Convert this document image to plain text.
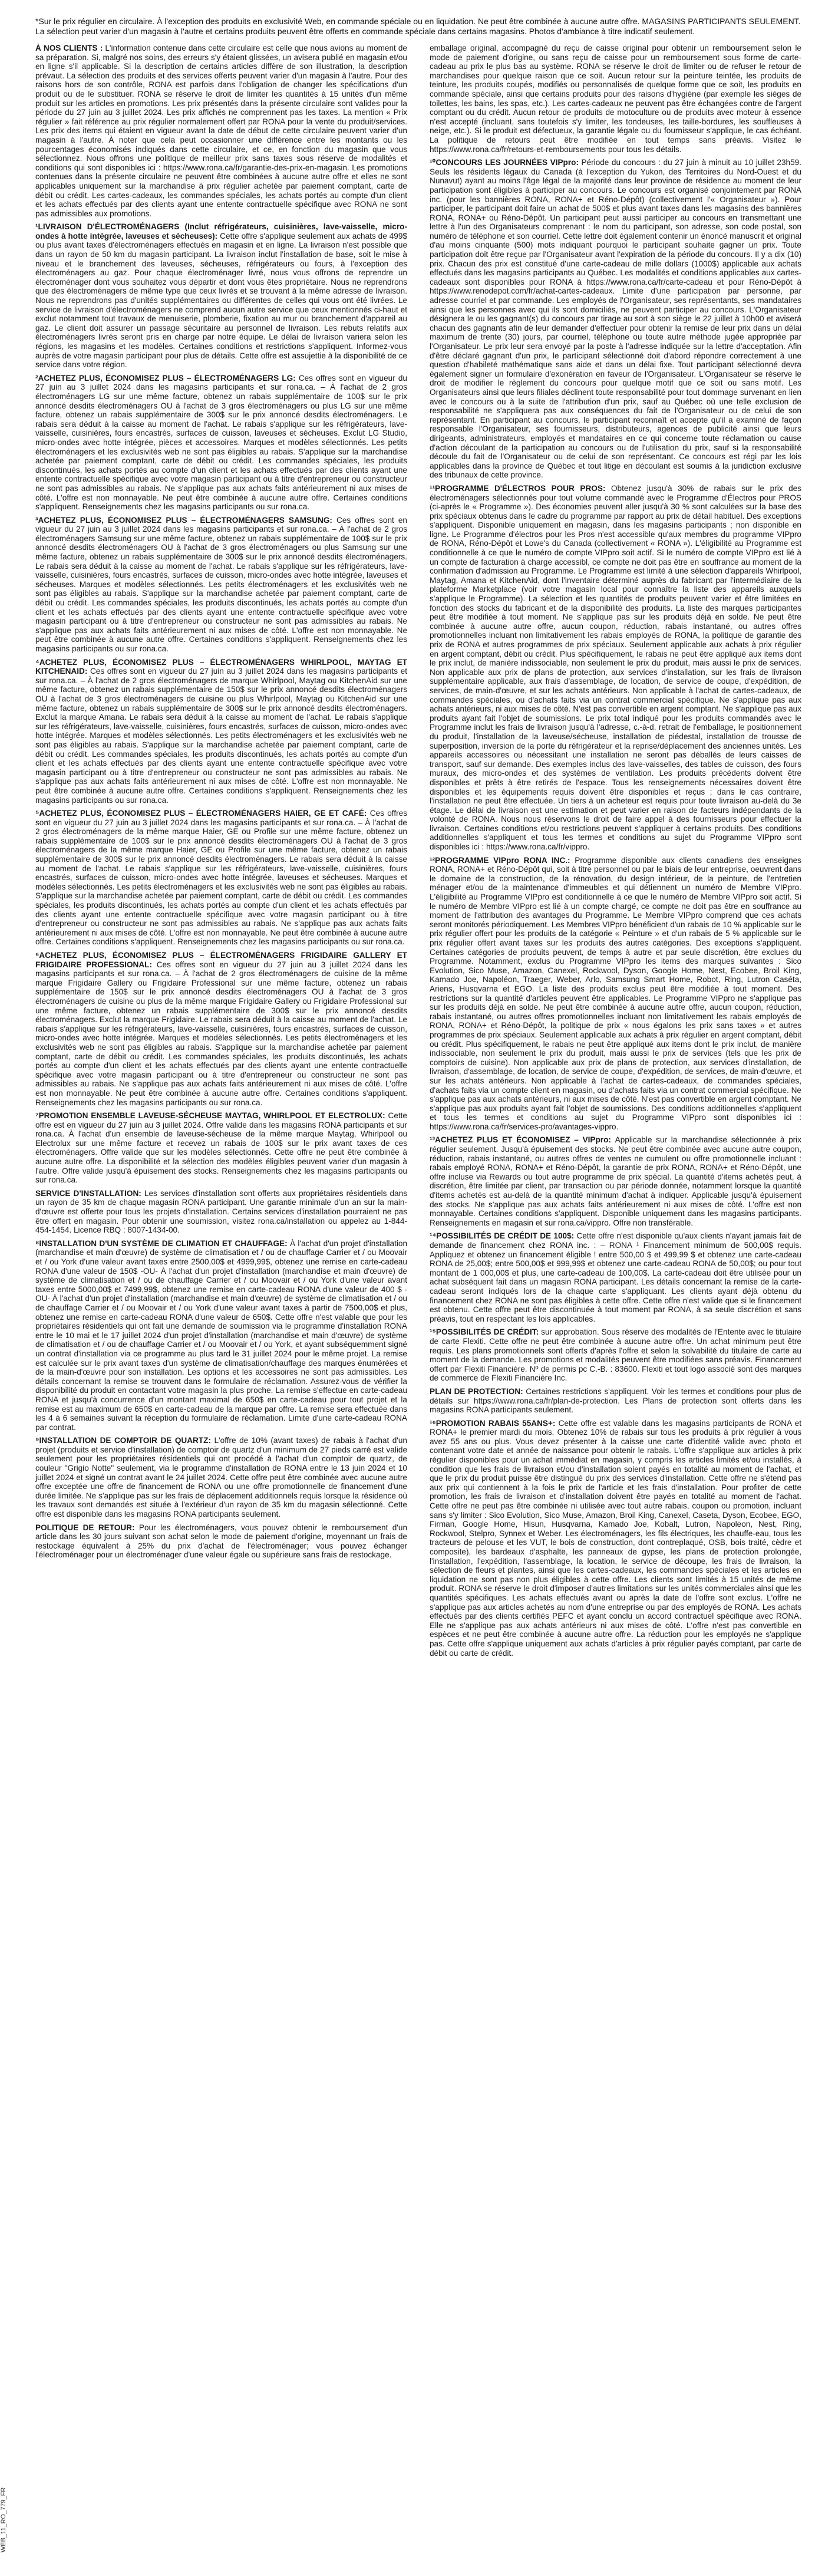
*Sur le prix régulier en circulaire. À l'exception des produits en exclusivité Web, en commande spéciale ou en liquidation. Ne peut être combinée à aucune autre offre. MAGASINS PARTICIPANTS SEULEMENT. La sélection peut varier d'un magasin à l'autre et certains produits peuvent être offerts en commande spéciale dans certains magasins. Photos d'ambiance à titre indicatif seulement.

À NOS CLIENTS : L'information contenue dans cette circulaire est celle que nous avions au moment de sa préparation. Si, malgré nos soins, des erreurs s'y étaient glissées, un avisera publié en magasin et/ou en ligne s'il applicable. Si la description de certains articles diffère de son illustration, la description prévaut. La sélection des produits et des services offerts peuvent varier d'un magasin à l'autre. Pour des raisons hors de son contrôle, RONA est parfois dans l'obligation de changer les spécifications d'un produit ou de le substituer. RONA se réserve le droit de limiter les quantités à 15 unités d'un même produit sur les articles en promotions. Les prix présentés dans la présente circulaire sont valides pour la période du 27 juin au 3 juillet 2024. Les prix affichés ne comprennent pas les taxes. La mention « Prix régulier » fait référence au prix régulier normalement offert par RONA pour la vente du produit/services. Les prix des items qui étaient en vigueur avant la date de début de cette circulaire peuvent varier d'un magasin à l'autre. À noter que cela peut occasionner une différence entre les montants ou les pourcentages économisés indiqués dans cette circulaire, et ce, en fonction du magasin que vous sélectionnez. Nous offrons une politique de meilleur prix sans taxes sous réserve de modalités et conditions qui sont disponibles ici : https://www.rona.ca/fr/garantie-des-prix-en-magasin. Les promotions contenues dans la présente circulaire ne peuvent être combinées à aucune autre offre et elles ne sont applicables uniquement sur la marchandise à prix régulier achetée par paiement comptant, carte de débit ou crédit. Les cartes-cadeaux, les commandes spéciales, les achats portés au compte d'un client et les achats effectués par des clients ayant une entente contractuelle spécifique avec RONA ne sont pas admissibles aux promotions.

¹LIVRAISON D'ÉLECTROMÉNAGERS (Inclut réfrigérateurs, cuisinières, lave-vaisselle, micro-ondes à hotte intégrée, laveuses et sécheuses): Cette offre s'applique seulement aux achats de 499$ ou plus avant taxes d'électroménagers effectués en magasin et en ligne. La livraison n'est possible que dans un rayon de 50 km du magasin participant. La livraison inclut l'installation de base, soit le mise à niveau et le branchement des laveuses, sécheuses, réfrigérateurs ou fours, à l'exception des électroménagers au gaz. Pour chaque électroménager livré, nous vous offrons de reprendre un électroménager dont vous souhaitez vous départir et dont vous êtes propriétaire. Nous ne reprendrons que des électroménagers de même type que ceux livrés et se trouvant à la même adresse de livraison. Nous ne reprendrons pas d'unités supplémentaires ou différentes de celles qui vous ont été livrées. Le service de livraison d'électroménagers ne comprend aucun autre service que ceux mentionnés ci-haut et exclut notamment tout travaux de menuiserie, plomberie, fixation au mur ou branchement d'appareil au gaz. Le client doit assurer un passage sécuritaire au personnel de livraison. Les rebuts relatifs aux électroménagers livrés seront pris en charge par notre équipe. Le délai de livraison variera selon les régions, les magasins et les modèles. Certaines conditions et restrictions s'appliquent. Informez-vous auprès de votre magasin participant pour plus de détails. Cette offre est assujettie à la disponibilité de ce service dans votre région.

²ACHETEZ PLUS, ÉCONOMISEZ PLUS – ÉLECTROMÉNAGERS LG: Ces offres sont en vigueur du 27 juin au 3 juillet 2024 dans les magasins participants et sur rona.ca. – À l'achat de 2 gros électroménagers LG sur une même facture, obtenez un rabais supplémentaire de 100$ sur le prix annoncé desdits électroménagers OU à l'achat de 3 gros électroménagers ou plus LG sur une même facture, obtenez un rabais supplémentaire de 300$ sur le prix annoncé desdits électroménagers. Le rabais sera déduit à la caisse au moment de l'achat. Le rabais s'applique sur les réfrigérateurs, lave-vaisselle, cuisinières, fours encastrés, surfaces de cuisson, laveuses et sécheuses. Exclut LG Studio, micro-ondes avec hotte intégrée, pièces et accessoires. Marques et modèles sélectionnés. Les petits électroménagers et les exclusivités web ne sont pas éligibles au rabais. S'applique sur la marchandise achetée par paiement comptant, carte de débit ou crédit. Les commandes spéciales, les produits discontinués, les achats portés au compte d'un client et les achats effectués par des clients ayant une entente contractuelle spécifique avec votre magasin participant ou à titre d'entrepreneur ou constructeur ne sont pas admissibles au rabais. Ne s'applique pas aux achats faits antérieurement ni aux mises de côté. L'offre est non monnayable. Ne peut être combinée à aucune autre offre. Certaines conditions s'appliquent. Renseignements chez les magasins participants ou sur rona.ca.

³ACHETEZ PLUS, ÉCONOMISEZ PLUS – ÉLECTROMÉNAGERS SAMSUNG: Ces offres sont en vigueur du 27 juin au 3 juillet 2024 dans les magasins participants et sur rona.ca. – À l'achat de 2 gros électroménagers Samsung sur une même facture, obtenez un rabais supplémentaire de 100$ sur le prix annoncé desdits électroménagers OU à l'achat de 3 gros électroménagers ou plus Samsung sur une même facture, obtenez un rabais supplémentaire de 300$ sur le prix annoncé desdits électroménagers. Le rabais sera déduit à la caisse au moment de l'achat. Le rabais s'applique sur les réfrigérateurs, lave-vaisselle, cuisinières, fours encastrés, surfaces de cuisson, micro-ondes avec hotte intégrée, laveuses et sécheuses. Marques et modèles sélectionnés. Les petits électroménagers et les exclusivités web ne sont pas éligibles au rabais. S'applique sur la marchandise achetée par paiement comptant, carte de débit ou crédit. Les commandes spéciales, les produits discontinués, les achats portés au compte d'un client et les achats effectués par des clients ayant une entente contractuelle spécifique avec votre magasin participant ou à titre d'entrepreneur ou constructeur ne sont pas admissibles au rabais. Ne s'applique pas aux achats faits antérieurement ni aux mises de côté. L'offre est non monnayable. Ne peut être combinée à aucune autre offre. Certaines conditions s'appliquent. Renseignements chez les magasins participants ou sur rona.ca.

⁴ACHETEZ PLUS, ÉCONOMISEZ PLUS – ÉLECTROMÉNAGERS WHIRLPOOL, MAYTAG ET KITCHENAID: Ces offres sont en vigueur du 27 juin au 3 juillet 2024 dans les magasins participants et sur rona.ca. – À l'achat de 2 gros électroménagers de marque Whirlpool, Maytag ou KitchenAid sur une même facture, obtenez un rabais supplémentaire de 150$ sur le prix annoncé desdits électroménagers OU à l'achat de 3 gros électroménagers de cuisine ou plus Whirlpool, Maytag ou KitchenAid sur une même facture, obtenez un rabais supplémentaire de 300$ sur le prix annoncé desdits électroménagers. Exclut la marque Amana. Le rabais sera déduit à la caisse au moment de l'achat. Le rabais s'applique sur les réfrigérateurs, lave-vaisselle, cuisinières, fours encastrés, surfaces de cuisson, micro-ondes avec hotte intégrée. Marques et modèles sélectionnés. Les petits électroménagers et les exclusivités web ne sont pas éligibles au rabais. S'applique sur la marchandise achetée par paiement comptant, carte de débit ou crédit. Les commandes spéciales, les produits discontinués, les achats portés au compte d'un client et les achats effectués par des clients ayant une entente contractuelle spécifique avec votre magasin participant ou à titre d'entrepreneur ou constructeur ne sont pas admissibles au rabais. Ne s'applique pas aux achats faits antérieurement ni aux mises de côté. L'offre est non monnayable. Ne peut être combinée à aucune autre offre. Certaines conditions s'appliquent. Renseignements chez les magasins participants ou sur rona.ca.

⁵ACHETEZ PLUS, ÉCONOMISEZ PLUS – ÉLECTROMÉNAGERS HAIER, GE ET CAFÉ: Ces offres sont en vigueur du 27 juin au 3 juillet 2024 dans les magasins participants et sur rona.ca. – À l'achat de 2 gros électroménagers de la même marque Haier, GE ou Profile sur une même facture, obtenez un rabais supplémentaire de 100$ sur le prix annoncé desdits électroménagers OU à l'achat de 3 gros électroménagers de la même marque Haier, GE ou Profile sur une même facture, obtenez un rabais supplémentaire de 300$ sur le prix annoncé desdits électroménagers. Le rabais sera déduit à la caisse au moment de l'achat. Le rabais s'applique sur les réfrigérateurs, lave-vaisselle, cuisinières, fours encastrés, surfaces de cuisson, micro-ondes avec hotte intégrée, laveuses et sécheuses. Marques et modèles sélectionnés. Les petits électroménagers et les exclusivités web ne sont pas éligibles au rabais. S'applique sur la marchandise achetée par paiement comptant, carte de débit ou crédit. Les commandes spéciales, les produits discontinués, les achats portés au compte d'un client et les achats effectués par des clients ayant une entente contractuelle spécifique avec votre magasin participant ou à titre d'entrepreneur ou constructeur ne sont pas admissibles au rabais. Ne s'applique pas aux achats faits antérieurement ni aux mises de côté. L'offre est non monnayable. Ne peut être combinée à aucune autre offre. Certaines conditions s'appliquent. Renseignements chez les magasins participants ou sur rona.ca.

⁶ACHETEZ PLUS, ÉCONOMISEZ PLUS – ÉLECTROMÉNAGERS FRIGIDAIRE GALLERY ET FRIGIDAIRE PROFESSIONAL: Ces offres sont en vigueur du 27 juin au 3 juillet 2024 dans les magasins participants et sur rona.ca. – À l'achat de 2 gros électroménagers de cuisine de la même marque Frigidaire Gallery ou Frigidaire Professional sur une même facture, obtenez un rabais supplémentaire de 150$ sur le prix annoncé desdits électroménagers OU à l'achat de 3 gros électroménagers de cuisine ou plus de la même marque Frigidaire Gallery ou Frigidaire Professional sur une même facture, obtenez un rabais supplémentaire de 300$ sur le prix annoncé desdits électroménagers. Exclut la marque Frigidaire. Le rabais sera déduit à la caisse au moment de l'achat. Le rabais s'applique sur les réfrigérateurs, lave-vaisselle, cuisinières, fours encastrés, surfaces de cuisson, micro-ondes avec hotte intégrée. Marques et modèles sélectionnés. Les petits électroménagers et les exclusivités web ne sont pas éligibles au rabais. S'applique sur la marchandise achetée par paiement comptant, carte de débit ou crédit. Les commandes spéciales, les produits discontinués, les achats portés au compte d'un client et les achats effectués par des clients ayant une entente contractuelle spécifique avec votre magasin participant ou à titre d'entrepreneur ou constructeur ne sont pas admissibles au rabais. Ne s'applique pas aux achats faits antérieurement ni aux mises de côté. L'offre est non monnayable. Ne peut être combinée à aucune autre offre. Certaines conditions s'appliquent. Renseignements chez les magasins participants ou sur rona.ca.

⁷PROMOTION ENSEMBLE LAVEUSE-SÉCHEUSE MAYTAG, WHIRLPOOL ET ELECTROLUX: Cette offre est en vigueur du 27 juin au 3 juillet 2024. Offre valide dans les magasins RONA participants et sur rona.ca. À l'achat d'un ensemble de laveuse-sécheuse de la même marque Maytag, Whirlpool ou Electrolux sur une même facture et recevez un rabais de 100$ sur le prix avant taxes de ces électroménagers. Offre valide que sur les modèles sélectionnés. Cette offre ne peut être combinée à aucune autre offre. La disponibilité et la sélection des modèles éligibles peuvent varier d'un magasin à l'autre. Offre valide jusqu'à épuisement des stocks. Renseignements chez les magasins participants ou sur rona.ca.

SERVICE D'INSTALLATION: Les services d'installation sont offerts aux propriétaires résidentiels dans un rayon de 35 km de chaque magasin RONA participant. Une garantie minimale d'un an sur la main-d'œuvre est offerte pour tous les projets d'installation. Certains services d'installation pourraient ne pas être offert en magasin. Pour obtenir une soumission, visitez rona.ca/installation ou appelez au 1-844-454-1454. Licence RBQ : 8007-1434-00.

⁸INSTALLATION D'UN SYSTÈME DE CLIMATION ET CHAUFFAGE: À l'achat d'un projet d'installation (marchandise et main d'œuvre) de système de climatisation et / ou de chauffage Carrier et / ou Moovair et / ou York d'une valeur avant taxes entre 2500,00$ et 4999,99$, obtenez une remise en carte-cadeau RONA d'une valeur de 150$ -OU- À l'achat d'un projet d'installation (marchandise et main d'œuvre) de système de climatisation et / ou de chauffage Carrier et / ou Moovair et / ou York d'une valeur avant taxes entre 5000,00$ et 7499,99$, obtenez une remise en carte-cadeau RONA d'une valeur de 400 $ -OU- À l'achat d'un projet d'installation (marchandise et main d'œuvre) de système de climatisation et / ou de chauffage Carrier et / ou Moovair et / ou York d'une valeur avant taxes à partir de 7500,00$ et plus, obtenez une remise en carte-cadeau RONA d'une valeur de 650$. Cette offre n'est valable que pour les propriétaires résidentiels qui ont fait une demande de soumission via le programme d'installation RONA entre le 10 mai et le 17 juillet 2024 d'un projet d'installation (marchandise et main d'œuvre) de système de climatisation et / ou de chauffage Carrier et / ou Moovair et / ou York, et ayant subséquemment signé un contrat d'installation via ce programme au plus tard le 31 juillet 2024 pour le même projet. La remise est calculée sur le prix avant taxes d'un système de climatisation/chauffage des marques énumérées et de la main-d'œuvre pour son installation. Les options et les accessoires ne sont pas admissibles. Les détails concernant la remise se trouvent dans le formulaire de réclamation. Assurez-vous de vérifier la disponibilité du produit en contactant votre magasin la plus proche. La remise s'effectue en carte-cadeau RONA et jusqu'à concurrence d'un montant maximal de 650$ en carte-cadeau pour tout projet et la remise est au maximum de 650$ en carte-cadeau de la marque par offre. La remise sera effectuée dans les 4 à 6 semaines suivant la réception du formulaire de réclamation. Limite d'une carte-cadeau RONA par contrat.

⁹INSTALLATION DE COMPTOIR DE QUARTZ: L'offre de 10% (avant taxes) de rabais à l'achat d'un projet (produits et service d'installation) de comptoir de quartz d'un minimum de 27 pieds carré est valide seulement pour les propriétaires résidentiels qui ont procédé à l'achat d'un comptoir de quartz, de couleur "Grigio Notte" seulement, via le programme d'installation de RONA entre le 13 juin 2024 et 10 juillet 2024 et signé un contrat avant le 24 juillet 2024. Cette offre peut être combinée avec aucune autre offre exceptée une offre de financement de RONA ou une offre promotionnelle de financement d'une durée limitée. Ne s'applique pas sur les frais de déplacement additionnels requis lorsque la résidence où les travaux sont demandés est située à l'extérieur d'un rayon de 35 km du magasin sélectionné. Cette offre est disponible dans les magasins RONA participants seulement.

POLITIQUE DE RETOUR: Pour les électroménagers, vous pouvez obtenir le remboursement d'un article dans les 30 jours suivant son achat selon le mode de paiement d'origine, moyennant un frais de restockage équivalent à 25% du prix d'achat de l'électroménager; vous pouvez échanger l'électroménager pour un électroménager d'une valeur égale ou supérieure sans frais de restockage.

emballage original, accompagné du reçu de caisse original pour obtenir un remboursement selon le mode de paiement d'origine, ou sans reçu de caisse pour un remboursement sous forme de carte-cadeau au prix le plus bas au système. RONA se réserve le droit de limiter ou de refuser le retour de marchandises pour quelque raison que ce soit. Aucun retour sur la peinture teintée, les produits de teinture, les produits coupés, modifiés ou personnalisés de quelque forme que ce soit, les produits en commande spéciale, ainsi que certains produits pour des raisons d'hygiène (par exemple les sièges de toilettes, les bains, les spas, etc.). Les cartes-cadeaux ne peuvent pas être échangées contre de l'argent comptant ou du crédit. Aucun retour de produits de motoculture ou de produits avec moteur à essence n'est accepté (incluant, sans toutefois s'y limiter, les tondeuses, les taille-bordures, les souffleuses à neige, etc.). Si le produit est défectueux, la garantie légale ou du fournisseur s'applique, le cas échéant. La politique de retours peut être modifiée en tout temps sans préavis. Visitez le https://www.rona.ca/fr/retours-et-remboursements pour tous les détails.

¹⁰CONCOURS LES JOURNÉES VIPpro: Période du concours : du 27 juin à minuit au 10 juillet 23h59. Seuls les résidents légaux du Canada (à l'exception du Yukon, des Territoires du Nord-Ouest et du Nunavut) ayant au moins l'âge légal de la majorité dans leur province de résidence au moment de leur participation sont éligibles à participer au concours. Le concours est organisé conjointement par RONA inc. (pour les bannières RONA, RONA+ et Réno-Dépôt) (collectivement l'« Organisateur »). Pour participer, le participant doit faire un achat de 500$ et plus avant taxes dans les magasins des bannières RONA, RONA+ ou Réno-Dépôt. Un participant peut aussi participer au concours en transmettant une lettre à l'un des Organisateurs comprenant : le nom du participant, son adresse, son code postal, son numéro de téléphone et son courriel. Cette lettre doit également contenir un énoncé manuscrit et original d'au moins cinquante (500) mots indiquant pourquoi le participant souhaite gagner un prix. Toute participation doit être reçue par l'Organisateur avant l'expiration de la période du concours. Il y a dix (10) prix. Chacun des prix est constitué d'une carte-cadeau de mille dollars (1000$) applicable aux achats effectués dans les magasins participants au Québec. Les modalités et conditions applicables aux cartes-cadeaux sont disponibles pour RONA à https://www.rona.ca/fr/carte-cadeau et pour Réno-Dépôt à https://www.renodepot.com/fr/achat-cartes-cadeaux. Limite d'une participation par personne, par adresse courriel et par commande. Les employés de l'Organisateur, ses représentants, ses mandataires ainsi que les personnes avec qui ils sont domiciliés, ne peuvent participer au concours. L'Organisateur désignera le ou les gagnant(s) du concours par tirage au sort à son siège le 22 juillet à 10h00 et aviserá chacun des gagnants afin de leur demander d'effectuer pour obtenir la remise de leur prix dans un délai maximum de trente (30) jours, par courriel, téléphone ou toute autre méthode jugée appropriée par l'Organisateur. Le prix leur sera envoyé par la poste à l'adresse indiquée sur la lettre d'acceptation. Afin d'être déclaré gagnant d'un prix, le participant sélectionné doit d'abord répondre correctement à une question d'habileté mathématique sans aide et dans un délai fixe. Tout participant sélectionné devra également signer un formulaire d'exonération en faveur de l'Organisateur. L'Organisateur se réserve le droit de modifier le règlement du concours pour quelque motif que ce soit ou sans motif. Les Organisateurs ainsi que leurs filiales déclinent toute responsabilité pour tout dommage survenant en lien avec le concours ou à la suite de l'attribution d'un prix, sauf au Québec où une telle exclusion de responsabilité ne s'appliquera pas aux conséquences du fait de l'Organisateur ou de celui de son représentant. En participant au concours, le participant reconnaît et accepte qu'il a examiné de façon responsable l'Organisateur, ses fournisseurs, distributeurs, agences de publicité ainsi que leurs dirigeants, administrateurs, employés et mandataires en ce qui concerne toute réclamation ou cause d'action découlant de la participation au concours ou de l'utilisation du prix, sauf si la responsabilité découle du fait de l'Organisateur ou de celui de son représentant. Ce concours est régi par les lois applicables dans la province de Québec et tout litige en découlant est soumis à la juridiction exclusive des tribunaux de cette province.

¹¹PROGRAMME D'ÉLECTROS POUR PROS: Obtenez jusqu'à 30% de rabais sur le prix des électroménagers sélectionnés pour tout volume commandé avec le Programme d'Électros pour PROS (ci-après le « Programme »). Des économies peuvent aller jusqu'à 30 % sont calculées sur la base des prix spéciaux obtenus dans le cadre du programme par rapport au prix de détail habituel. Des exceptions s'appliquent. Disponible uniquement en magasin, dans les magasins participants ; non disponible en ligne. Le Programme d'électros pour les Pros n'est accessible qu'aux membres du programme VIPpro de RONA, Réno-Dépôt et Lowe's du Canada (collectivement « RONA »). L'éligibilité au Programme est conditionnelle à ce que le numéro de compte VIPpro soit actif. Si le numéro de compte VIPpro est lié à un compte de facturation à charge accessibl, ce compte ne doit pas être en souffrance au moment de la confirmation d'admission au Programme. Le Programme est limité à une sélection d'appareils Whirlpool, Maytag, Amana et KitchenAid, dont l'inventaire déterminé auprès du fabricant par l'intermédiaire de la plateforme Marketplace (voir votre magasin local pour connaître la liste des appareils auxquels s'applique le Programme). La sélection et les quantités de produits peuvent varier et être limitées en fonction des stocks du fabricant et de la disponibilité des produits. La liste des marques participantes peut être modifiée à tout moment. Ne s'applique pas sur les produits déjà en solde. Ne peut être combinée à aucune autre offre, aucun coupon, réduction, rabais instantané, ou autres offres promotionnelles incluant non limitativement les rabais employés de RONA, la politique de garantie des prix de RONA et autres programmes de prix spéciaux. Seulement applicable aux achats à prix régulier en argent comptant, débit ou crédit. Plus spécifiquement, le rabais ne peut être appliqué aux items dont le prix inclut, de manière indissociable, non seulement le prix du produit, mais aussi le prix de services. Non applicable aux prix de plans de protection, aux services d'installation, sur les frais de livraison supplémentaire applicable, aux frais d'assemblage, de location, de service de coupe, d'expédition, de services, de main-d'œuvre, et sur les achats antérieurs. Non applicable à l'achat de cartes-cadeaux, de commandes spéciales, ou d'achats faits via un contrat commercial spécifique. Ne s'applique pas aux achats antérieurs, ni aux mises de côté. N'est pas convertible en argent comptant. Ne s'applique pas aux produits ayant fait l'objet de soumissions. Le prix total indiqué pour les produits commandés avec le Programme inclut les frais de livraison jusqu'à l'adresse, c.-à-d. retrait de l'emballage, le positionnement du produit, l'installation de la laveuse/sécheuse, installation de piédestal, installation de trousse de superposition, inversion de la porte du réfrigérateur et la reprise/déplacement des anciennes unités. Les appareils accessoires ou nécessitant une installation ne seront pas déballés de leurs caisses de transport, sauf sur demande. Des exemples inclus des lave-vaisselles, des tables de cuisson, des fours muraux, des micro-ondes et des systèmes de ventilation. Les produits précédents doivent être disponibles et prêts à être retirés de l'espace. Tous les renseignements nécessaires doivent être disponibles et les équipements requis doivent être disponibles et reçus ; dans le cas contraire, l'installation ne peut être effectuée. Un tiers à un acheteur est requis pour toute livraison au-delà du 3e étage. Le délai de livraison est une estimation et peut varier en raison de facteurs indépendants de la volonté de RONA. Nous nous réservons le droit de faire appel à des fournisseurs pour effectuer la livraison. Certaines conditions et/ou restrictions peuvent s'appliquer à certains produits. Des conditions additionnelles s'appliquent et tous les termes et conditions au sujet du Programme VIPpro sont disponibles ici : https://www.rona.ca/fr/vippro.

¹²PROGRAMME VIPpro RONA INC.: Programme disponible aux clients canadiens des enseignes RONA, RONA+ et Réno-Dépôt qui, soit à titre personnel ou par le biais de leur entreprise, oeuvrent dans le domaine de la construction, de la rénovation, du design intérieur, de la peinture, de l'entretien ménager et/ou de la maintenance d'immeubles et qui détiennent un numéro de Membre VIPpro. L'éligibilité au Programme VIPpro est conditionnelle à ce que le numéro de Membre VIPpro soit actif. Si le numéro de Membre VIPpro est lié à un compte chargé, ce compte ne doit pas être en souffrance au moment de l'attribution des avantages du Programme. Le Membre VIPpro comprend que ces achats seront monitorés périodiquement. Les Membres VIPpro bénéficient d'un rabais de 10 % applicable sur le prix régulier offert pour les produits de la catégorie « Peinture » et d'un rabais de 5 % applicable sur le prix régulier offert avant taxes sur les produits des autres catégories. Des exceptions s'appliquent. Certaines catégories de produits peuvent, de temps à autre et par seule discrétion, être exclues du Programme. Notamment, exclus du Programme VIPpro les items des marques suivantes : Sico Evolution, Sico Muse, Amazon, Canexel, Rockwool, Dyson, Google Home, Nest, Ecobee, Broil King, Kamado Joe, Napoléon, Traeger, Weber, Arlo, Samsung Smart Home, Robot, Ring, Lutron Caséta, Ariens, Husqvarna et EGO. La liste des produits exclus peut être modifiée à tout moment. Des restrictions sur la quantité d'articles peuvent être applicables. Le Programme VIPpro ne s'applique pas sur les produits déjà en solde. Ne peut être combinée à aucune autre offre, aucun coupon, réduction, rabais instantané, ou autres offres promotionnelles incluant non limitativement les rabais employés de RONA, RONA+ et Réno-Dépôt, la politique de prix « nous égalons les prix sans taxes » et autres programmes de prix spéciaux. Seulement applicable aux achats à prix régulier en argent comptant, débit ou crédit. Plus spécifiquement, le rabais ne peut être appliqué aux items dont le prix inclut, de manière indissociable, non seulement le prix du produit, mais aussi le prix de services (tels que les prix de comptoirs de cuisine). Non applicable aux prix de plans de protection, aux services d'installation, de livraison, d'assemblage, de location, de service de coupe, d'expédition, de services, de main-d'œuvre, et sur les achats antérieurs. Non applicable à l'achat de cartes-cadeaux, de commandes spéciales, d'achats faits via un compte client en magasin, ou d'achats faits via un contrat commercial spécifique. Ne s'applique pas aux achats antérieurs, ni aux mises de côté. N'est pas convertible en argent comptant. Ne s'applique pas aux produits ayant fait l'objet de soumissions. Des conditions additionnelles s'appliquent et tous les termes et conditions au sujet du Programme VIPpro sont disponibles ici : https://www.rona.ca/fr/services-pro/avantages-vippro.

¹³ACHETEZ PLUS ET ÉCONOMISEZ – VIPpro: Applicable sur la marchandise sélectionnée à prix régulier seulement. Jusqu'à épuisement des stocks. Ne peut être combinée avec aucune autre coupon, réduction, rabais instantané, ou autres offres de ventes ne cumulent ou offre promotionnelle incluant : rabais employé RONA, RONA+ et Réno-Dépôt, la garantie de prix RONA, RONA+ et Réno-Dépôt, une offre incluse via Rewards ou tout autre programme de prix spécial. La quantité d'items achetés peut, à discrétion, être limitée par client, par transaction ou par période donnée, notamment lorsque la quantité d'items achetés est au-delà de la quantité minimum d'achat à indiquer. Applicable jusqu'à épuisement des stocks. Ne s'applique pas aux achats faits antérieurement ni aux mises de côté. L'offre est non monnayable. Certaines conditions s'appliquent. Disponible uniquement dans les magasins participants. Renseignements en magasin et sur rona.ca/vippro. Offre non transférable.

¹⁴POSSIBILITÉS DE CRÉDIT DE 100$: Cette offre n'est disponible qu'aux clients n'ayant jamais fait de demande de financement chez RONA inc. : – RONA ¹ Financement minimum de 500,00$ requis. Appliquez et obtenez un financement éligible ! entre 500,00 $ et 499,99 $ et obtenez une carte-cadeau RONA de 25,00$; entre 500,00$ et 999,99$ et obtenez une carte-cadeau RONA de 50,00$; ou pour tout montant de 1 000,00$ et plus, une carte-cadeau de 100,00$. La carte-cadeau doit être utilisée pour un achat subséquent fait dans un magasin RONA participant. Les détails concernant la remise de la carte-cadeau seront indiqués lors de la chaque carte s'appliquant. Les clients ayant déjà obtenu du financement chez RONA ne sont pas éligibles à cette offre. Cette offre n'est valide que si le financement est obtenu. Cette offre peut être discontinuée à tout moment par RONA, à sa seule discrétion et sans préavis, tout en respectant les lois applicables.

¹⁵POSSIBILITÉS DE CRÉDIT: sur approbation. Sous réserve des modalités de l'Entente avec le titulaire de carte Flexiti. Cette offre ne peut être combinée à aucune autre offre. Un achat minimum peut être requis. Les plans promotionnels sont offerts d'après l'offre et selon la solvabilité du titulaire de carte au moment de la demande. Les promotions et modalités peuvent être modifiées sans préavis. Financement offert par Flexiti Financière. Nº de permis pc C.-B. : 83600. Flexiti et tout logo associé sont des marques de commerce de Flexiti Financière Inc.

PLAN DE PROTECTION: Certaines restrictions s'appliquent. Voir les termes et conditions pour plus de détails sur https://www.rona.ca/fr/plan-de-protection. Les Plans de protection sont offerts dans les magasins RONA participants seulement.

¹⁶PROMOTION RABAIS 55ANS+: Cette offre est valable dans les magasins participants de RONA et RONA+ le premier mardi du mois. Obtenez 10% de rabais sur tous les produits à prix régulier à vous avez 55 ans ou plus. Vous devez présenter à la caisse une carte d'identité valide avec photo et contenant votre date et année de naissance pour obtenir le rabais. L'offre s'applique aux articles à prix régulier disponibles pour un achat immédiat en magasin, y compris les articles limités et/ou installés, à condition que les frais de livraison et/ou d'installation soient payés en totalité au moment de l'achat, et que le prix du produit puisse être distingué du prix des services d'installation. Cette offre ne s'étend pas aux prix qui contiennent à la fois le prix de l'article et les frais d'installation. Pour profiter de cette promotion, les frais de livraison et d'installation doivent être payés en totalité au moment de l'achat. Cette offre ne peut pas être combinée ni utilisée avec tout autre rabais, coupon ou promotion, incluant sans s'y limiter : Sico Evolution, Sico Muse, Amazon, Broil King, Canexel, Caseta, Dyson, Ecobee, EGO, Firman, Google Home, Hisun, Husqvarna, Kamado Joe, Kobalt, Lutron, Napoleon, Nest, Ring, Rockwool, Stelpro, Synnex et Weber. Les électroménagers, les fils électriques, les chauffe-eau, tous les tracteurs de pelouse et les VUT, le bois de construction, dont contreplaqué, OSB, bois traité, cèdre et composite), les bardeaux d'asphalte, les panneaux de gypse, les plans de protection prolongée, l'installation, l'expédition, l'assemblage, la location, le service de découpe, les frais de livraison, la sélection de fleurs et plantes, ainsi que les cartes-cadeaux, les commandes spéciales et les articles en liquidation ne sont pas non plus éligibles à cette offre. Les clients sont limités à 15 unités de même produit. RONA se réserve le droit d'imposer d'autres limitations sur les unités commerciales ainsi que les quantités spécifiques. Les achats effectués avant ou après la date de l'offre sont exclus. L'offre ne s'applique pas aux articles achetés au nom d'une entreprise ou par des employés de RONA. Les achats effectués par des clients certifiés PEFC et ayant conclu un accord contractuel spécifique avec RONA. Elle ne s'applique pas aux achats antérieurs ni aux mises de côté. L'offre n'est pas convertible en espèces et ne peut être combinée à aucune autre offre. La réduction pour les employés ne s'applique pas. Cette offre s'applique uniquement aux achats d'articles à prix régulier payés comptant, par carte de débit ou carte de crédit.

WEB_11_RO_779_FR
